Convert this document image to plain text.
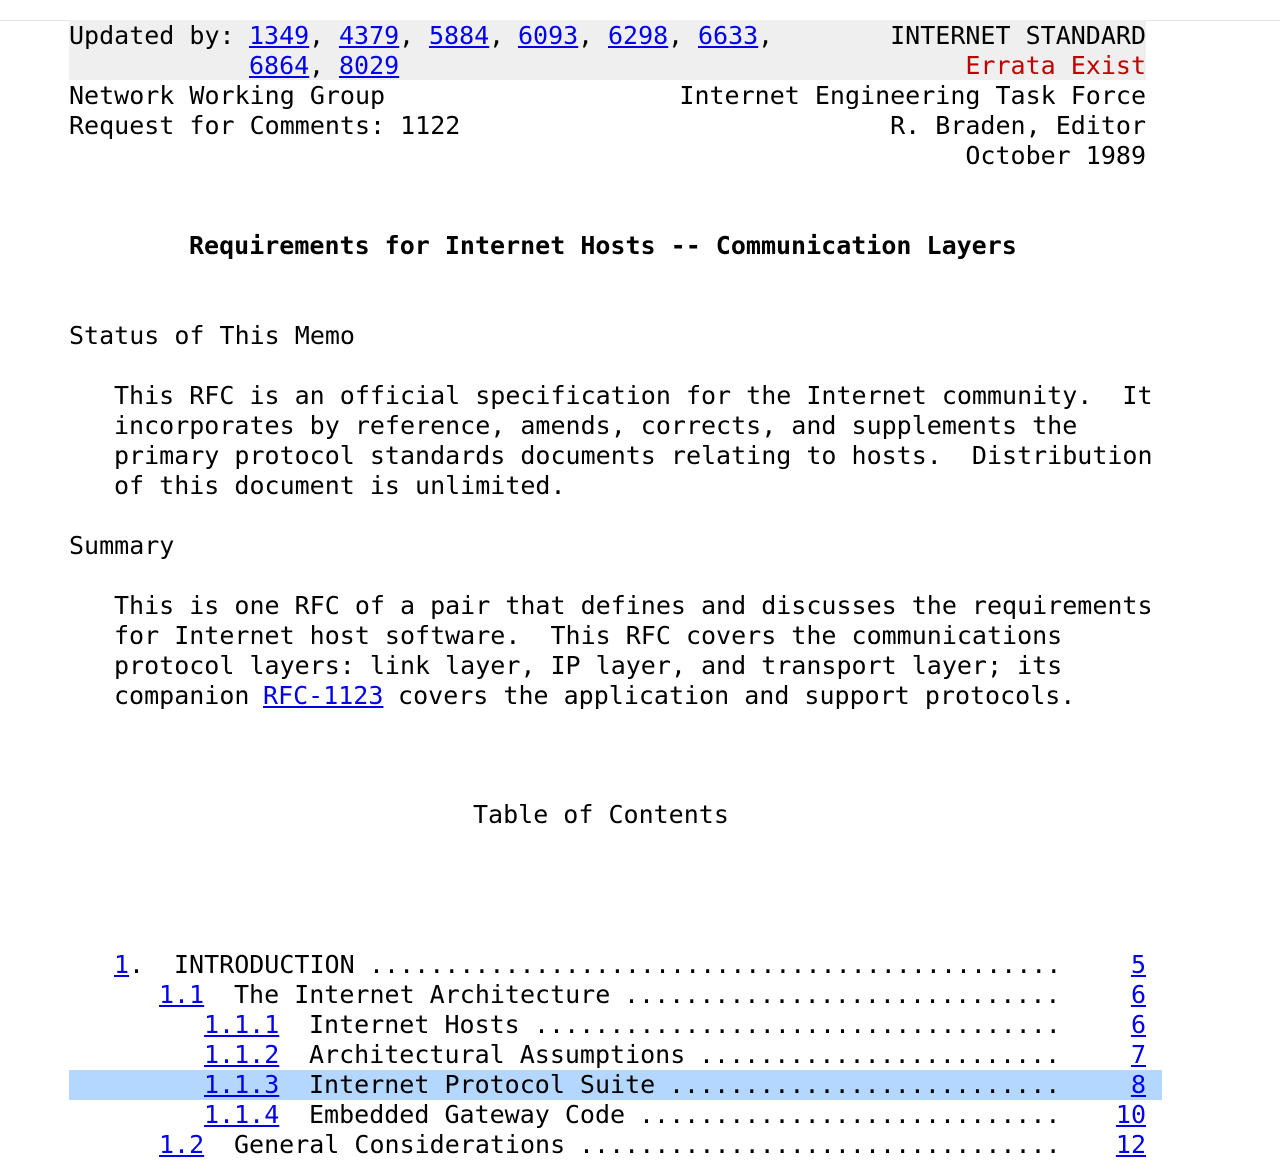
Updated by:

1349

,

4379

,

5884

,

6093

,

6298

,

6633

,

	INTERNET STANDARD

6864

,

8029

	Errata Exist

Network Working Group

	Internet Engineering Task Force

Request for Comments: 1122

	R. Braden, Editor

October 1989

Requirements for Internet Hosts -- Communication Layers

Status of This Memo

This RFC is an official specification for the Internet community.  It

incorporates by reference, amends, corrects, and supplements the

primary protocol standards documents relating to hosts.  Distribution

of this document is unlimited.

Summary

This is one RFC of a pair that defines and discusses the requirements

for Internet host software.  This RFC covers the communications

protocol layers: link layer, IP layer, and transport layer; its

companion

RFC-1123

covers the application and support protocols.

Table of Contents

1 . INTRODUCTION ..............................................	5
1.1 The Internet Architecture .............................	6
1.1.1 Internet Hosts ...................................	6
1.1.2 Architectural Assumptions ........................	7
1.1.3 Internet Protocol Suite ..........................	8
1.1.4 Embedded Gateway Code ............................ 10
1.2 General Considerations ................................ 12
